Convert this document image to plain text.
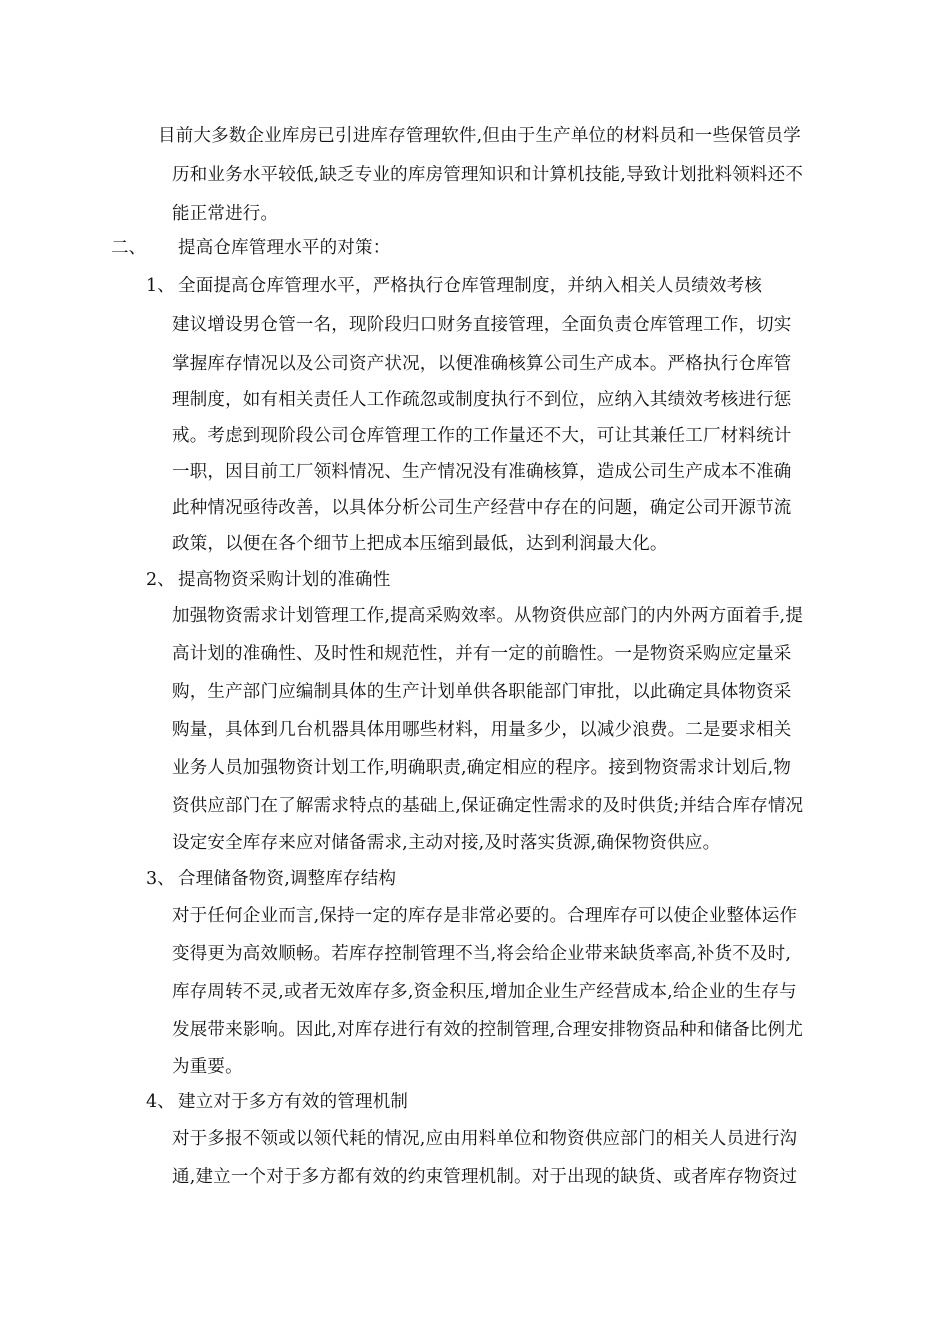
目前大多数企业库房已引进库存管理软件,但由于生产单位的材料员和一些保管员学
历和业务水平较低,缺乏专业的库房管理知识和计算机技能,导致计划批料领料还不
能正常进行。
二、 提高仓库管理水平的对策：
1、 全面提高仓库管理水平，严格执行仓库管理制度，并纳入相关人员绩效考核
建议增设男仓管一名，现阶段归口财务直接管理，全面负责仓库管理工作，切实
掌握库存情况以及公司资产状况，以便准确核算公司生产成本。严格执行仓库管
理制度，如有相关责任人工作疏忽或制度执行不到位，应纳入其绩效考核进行惩
戒。考虑到现阶段公司仓库管理工作的工作量还不大，可让其兼任工厂材料统计
一职，因目前工厂领料情况、生产情况没有准确核算，造成公司生产成本不准确
此种情况亟待改善，以具体分析公司生产经营中存在的问题，确定公司开源节流
政策，以便在各个细节上把成本压缩到最低，达到利润最大化。
2、 提高物资采购计划的准确性
加强物资需求计划管理工作,提高采购效率。从物资供应部门的内外两方面着手,提
高计划的准确性、及时性和规范性，并有一定的前瞻性。一是物资采购应定量采
购，生产部门应编制具体的生产计划单供各职能部门审批，以此确定具体物资采
购量，具体到几台机器具体用哪些材料，用量多少，以减少浪费。二是要求相关
业务人员加强物资计划工作,明确职责,确定相应的程序。接到物资需求计划后,物
资供应部门在了解需求特点的基础上,保证确定性需求的及时供货;并结合库存情况
设定安全库存来应对储备需求,主动对接,及时落实货源,确保物资供应。
3、 合理储备物资,调整库存结构
对于任何企业而言,保持一定的库存是非常必要的。合理库存可以使企业整体运作
变得更为高效顺畅。若库存控制管理不当,将会给企业带来缺货率高,补货不及时,
库存周转不灵,或者无效库存多,资金积压,增加企业生产经营成本,给企业的生存与
发展带来影响。因此,对库存进行有效的控制管理,合理安排物资品种和储备比例尤
为重要。
4、 建立对于多方有效的管理机制
对于多报不领或以领代耗的情况,应由用料单位和物资供应部门的相关人员进行沟
通,建立一个对于多方都有效的约束管理机制。对于出现的缺货、或者库存物资过
